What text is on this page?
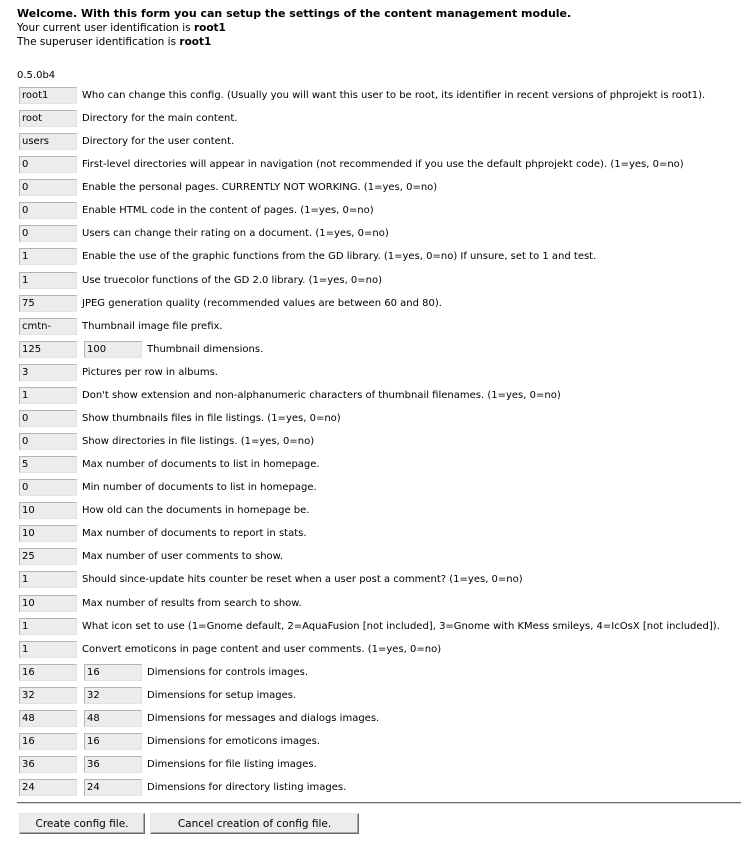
Welcome. With this form you can setup the settings of the content management module.
Your current user identification is root1
The superuser identification is root1
0.5.0b4
root1
Who can change this config. (Usually you will want this user to be root, its identifier in recent versions of phprojekt is root1).
root
Directory for the main content.
users
Directory for the user content.
0
First-level directories will appear in navigation (not recommended if you use the default phprojekt code). (1=yes, 0=no)
0
Enable the personal pages. CURRENTLY NOT WORKING. (1=yes, 0=no)
0
Enable HTML code in the content of pages. (1=yes, 0=no)
0
Users can change their rating on a document. (1=yes, 0=no)
1
Enable the use of the graphic functions from the GD library. (1=yes, 0=no) If unsure, set to 1 and test.
1
Use truecolor functions of the GD 2.0 library. (1=yes, 0=no)
75
JPEG generation quality (recommended values are between 60 and 80).
cmtn-
Thumbnail image file prefix.
125
100
Thumbnail dimensions.
3
Pictures per row in albums.
1
Don't show extension and non-alphanumeric characters of thumbnail filenames. (1=yes, 0=no)
0
Show thumbnails files in file listings. (1=yes, 0=no)
0
Show directories in file listings. (1=yes, 0=no)
5
Max number of documents to list in homepage.
0
Min number of documents to list in homepage.
10
How old can the documents in homepage be.
10
Max number of documents to report in stats.
25
Max number of user comments to show.
1
Should since-update hits counter be reset when a user post a comment? (1=yes, 0=no)
10
Max number of results from search to show.
1
What icon set to use (1=Gnome default, 2=AquaFusion [not included], 3=Gnome with KMess smileys, 4=IcOsX [not included]).
1
Convert emoticons in page content and user comments. (1=yes, 0=no)
16
16
Dimensions for controls images.
32
32
Dimensions for setup images.
48
48
Dimensions for messages and dialogs images.
16
16
Dimensions for emoticons images.
36
36
Dimensions for file listing images.
24
24
Dimensions for directory listing images.
Create config file.	Cancel creation of config file.
